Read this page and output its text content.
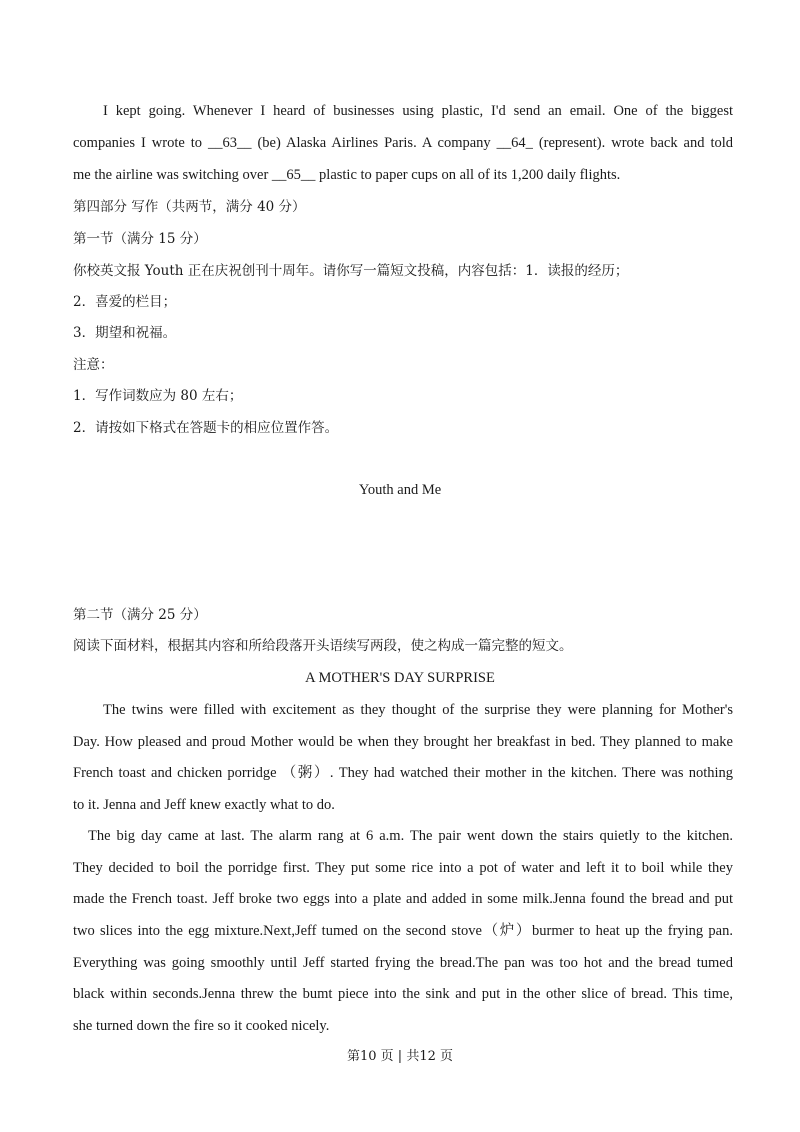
I kept going. Whenever I heard of businesses using plastic, I'd send an email. One of the biggest
companies I wrote to __63__ (be) Alaska Airlines Paris. A company __64_ (represent). wrote back and told
me the airline was switching over __65__ plastic to paper cups on all of its 1,200 daily flights.
第四部分 写作（共两节，满分 40 分）
第一节（满分 15 分）
你校英文报 Youth 正在庆祝创刊十周年。请你写一篇短文投稿，内容包括：1．读报的经历；
2．喜爱的栏目；
3．期望和祝福。
注意：
1．写作词数应为 80 左右；
2．请按如下格式在答题卡的相应位置作答。
Youth and Me
第二节（满分 25 分）
阅读下面材料，根据其内容和所给段落开头语续写两段，使之构成一篇完整的短文。
A MOTHER'S DAY SURPRISE
The twins were filled with excitement as they thought of the surprise they were planning for Mother's
Day. How pleased and proud Mother would be when they brought her breakfast in bed. They planned to make
French toast and chicken porridge （粥）. They had watched their mother in the kitchen. There was nothing
to it. Jenna and Jeff knew exactly what to do.
The big day came at last. The alarm rang at 6 a.m. The pair went down the stairs quietly to the kitchen.
They decided to boil the porridge first. They put some rice into a pot of water and left it to boil while they
made the French toast. Jeff broke two eggs into a plate and added in some milk.Jenna found the bread and put
two slices into the egg mixture.Next,Jeff tumed on the second stove（炉）burmer to heat up the frying pan.
Everything was going smoothly until Jeff started frying the bread.The pan was too hot and the bread tumed
black within seconds.Jenna threw the bumt piece into the sink and put in the other slice of bread. This time,
she turned down the fire so it cooked nicely.
第10 页 | 共12 页
